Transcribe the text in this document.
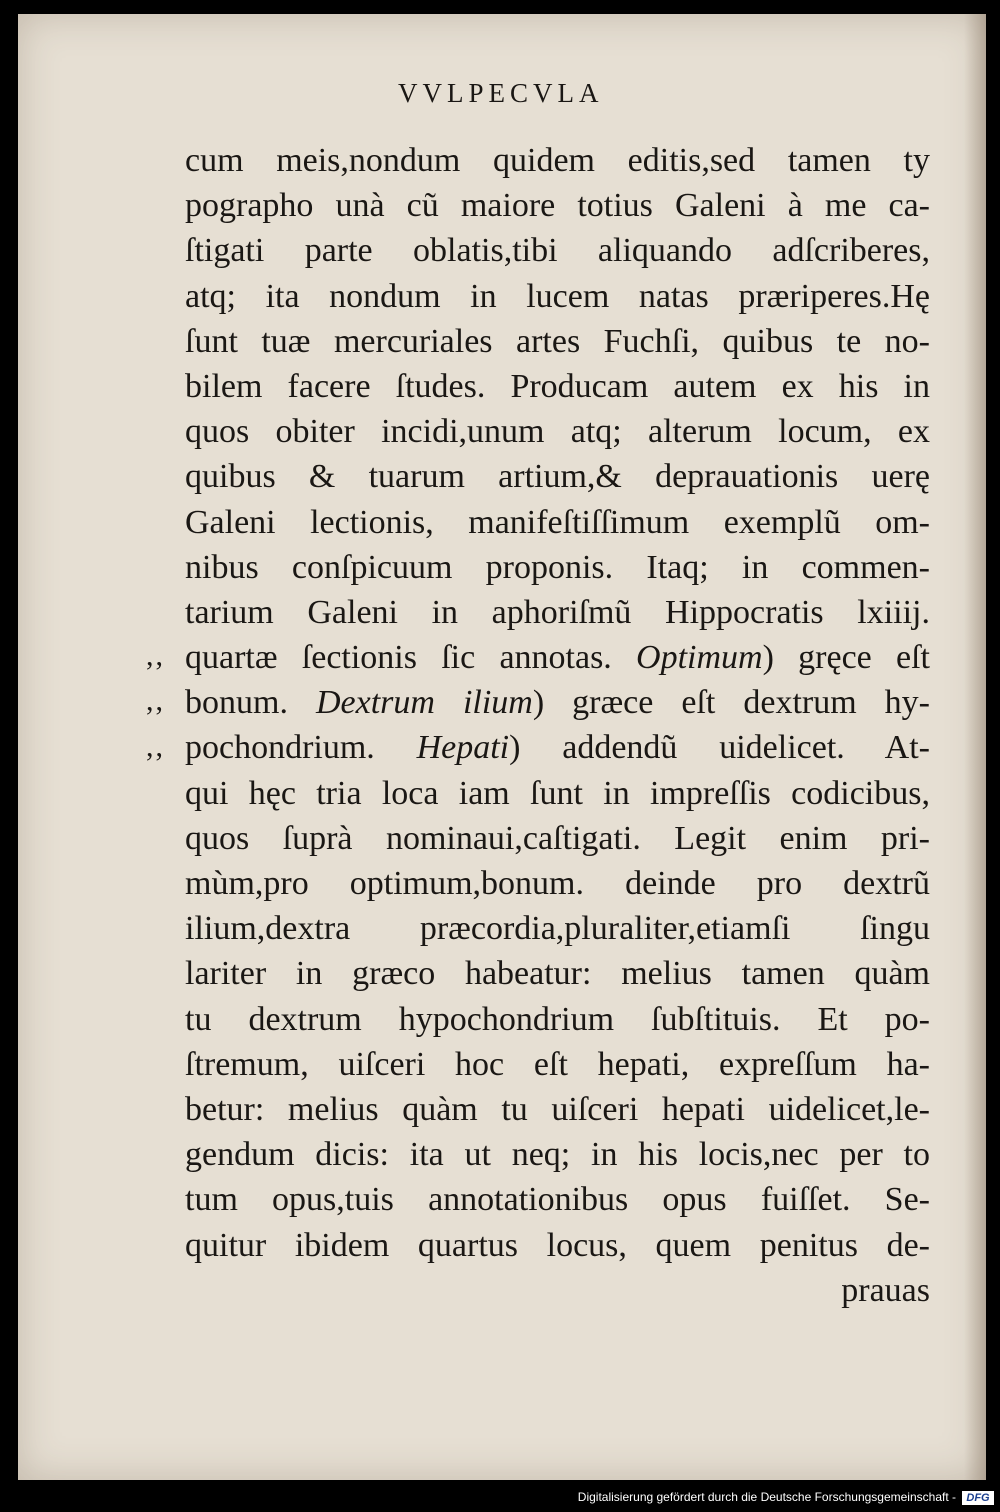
VVLPECVLA
cum meis,nondum quidem editis,sed tamen ty
pographo unà cũ maiore totius Galeni à me ca-
ſtigati parte oblatis,tibi aliquando adſcriberes,
atq; ita nondum in lucem natas præriperes.Hę
ſunt tuæ mercuriales artes Fuchſi, quibus te no-
bilem facere ſtudes. Producam autem ex his in
quos obiter incidi,unum atq; alterum locum, ex
quibus & tuarum artium,& deprauationis uerę
Galeni lectionis, manifeſtiſſimum exemplũ om-
nibus conſpicuum proponis. Itaq; in commen-
tarium Galeni in aphoriſmũ Hippocratis lxiiij.
quartæ ſectionis ſic annotas. Optimum) gręce eſt
bonum. Dextrum ilium) græce eſt dextrum hy-
pochondrium. Hepati) addendũ uidelicet. At-
qui hęc tria loca iam ſunt in impreſſis codicibus,
quos ſuprà nominaui,caſtigati. Legit enim pri-
mùm,pro optimum,bonum. deinde pro dextrũ
ilium,dextra præcordia,pluraliter,etiamſi ſingu
lariter in græco habeatur: melius tamen quàm
tu dextrum hypochondrium ſubſtituis. Et po-
ſtremum, uiſceri hoc eſt hepati, expreſſum ha-
betur: melius quàm tu uiſceri hepati uidelicet,le-
gendum dicis: ita ut neq; in his locis,nec per to
tum opus,tuis annotationibus opus fuiſſet. Se-
quitur ibidem quartus locus, quem penitus de-
prauas
,,
,,
,,
Digitalisierung gefördert durch die Deutsche Forschungsgemeinschaft - DFG
